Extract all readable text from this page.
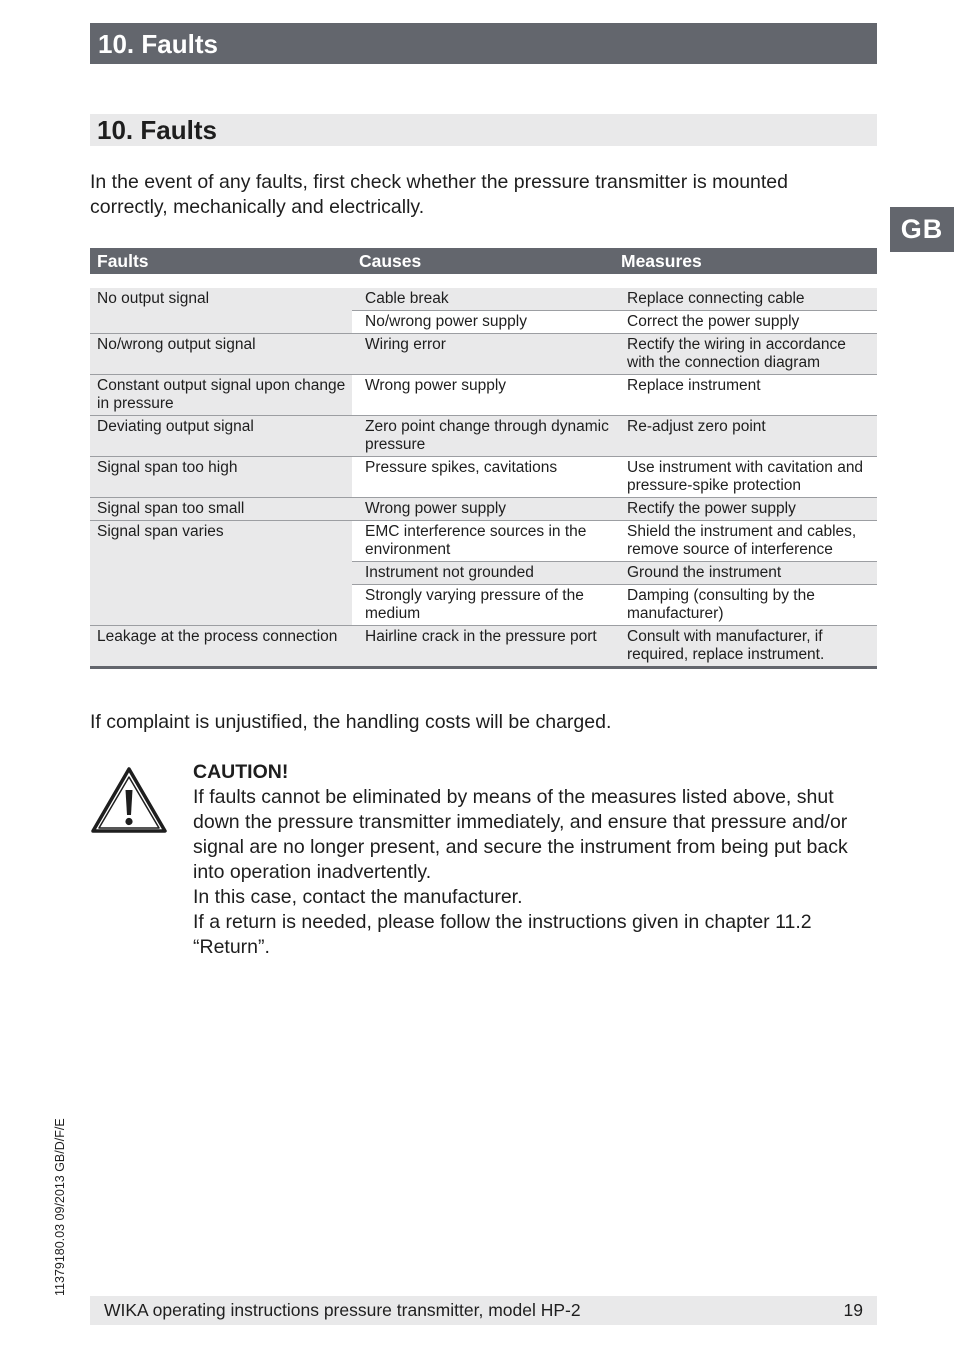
10. Faults
10. Faults
GB

In the event of any faults, first check whether the pressure transmitter is mounted correctly, mechanically and electrically.

Faults	Causes	Measures
No output signal	Cable break	Replace connecting cable
	No/wrong power supply	Correct the power supply
No/wrong output signal	Wiring error	Rectify the wiring in accordance with the connection diagram
Constant output signal upon change in pressure	Wrong power supply	Replace instrument
Deviating output signal	Zero point change through dynamic pressure	Re-adjust zero point
Signal span too high	Pressure spikes, cavitations	Use instrument with cavitation and pressure-spike protection
Signal span too small	Wrong power supply	Rectify the power supply
Signal span varies	EMC interference sources in the environment	Shield the instrument and cables, remove source of interference
	Instrument not grounded	Ground the instrument
	Strongly varying pressure of the medium	Damping (consulting by the manufacturer)
Leakage at the process connection	Hairline crack in the pressure port	Consult with manufacturer, if required, replace instrument.
If complaint is unjustified, the handling costs will be charged.
CAUTION!
If faults cannot be eliminated by means of the measures listed above, shut down the pressure transmitter immediately, and ensure that pressure and/or signal are no longer present, and secure the instrument from being put back into operation inadvertently.
In this case, contact the manufacturer.
If a return is needed, please follow the instructions given in chapter 11.2 “Return”.
11379180.03 09/2013 GB/D/F/E
WIKA operating instructions pressure transmitter, model HP-2	19
